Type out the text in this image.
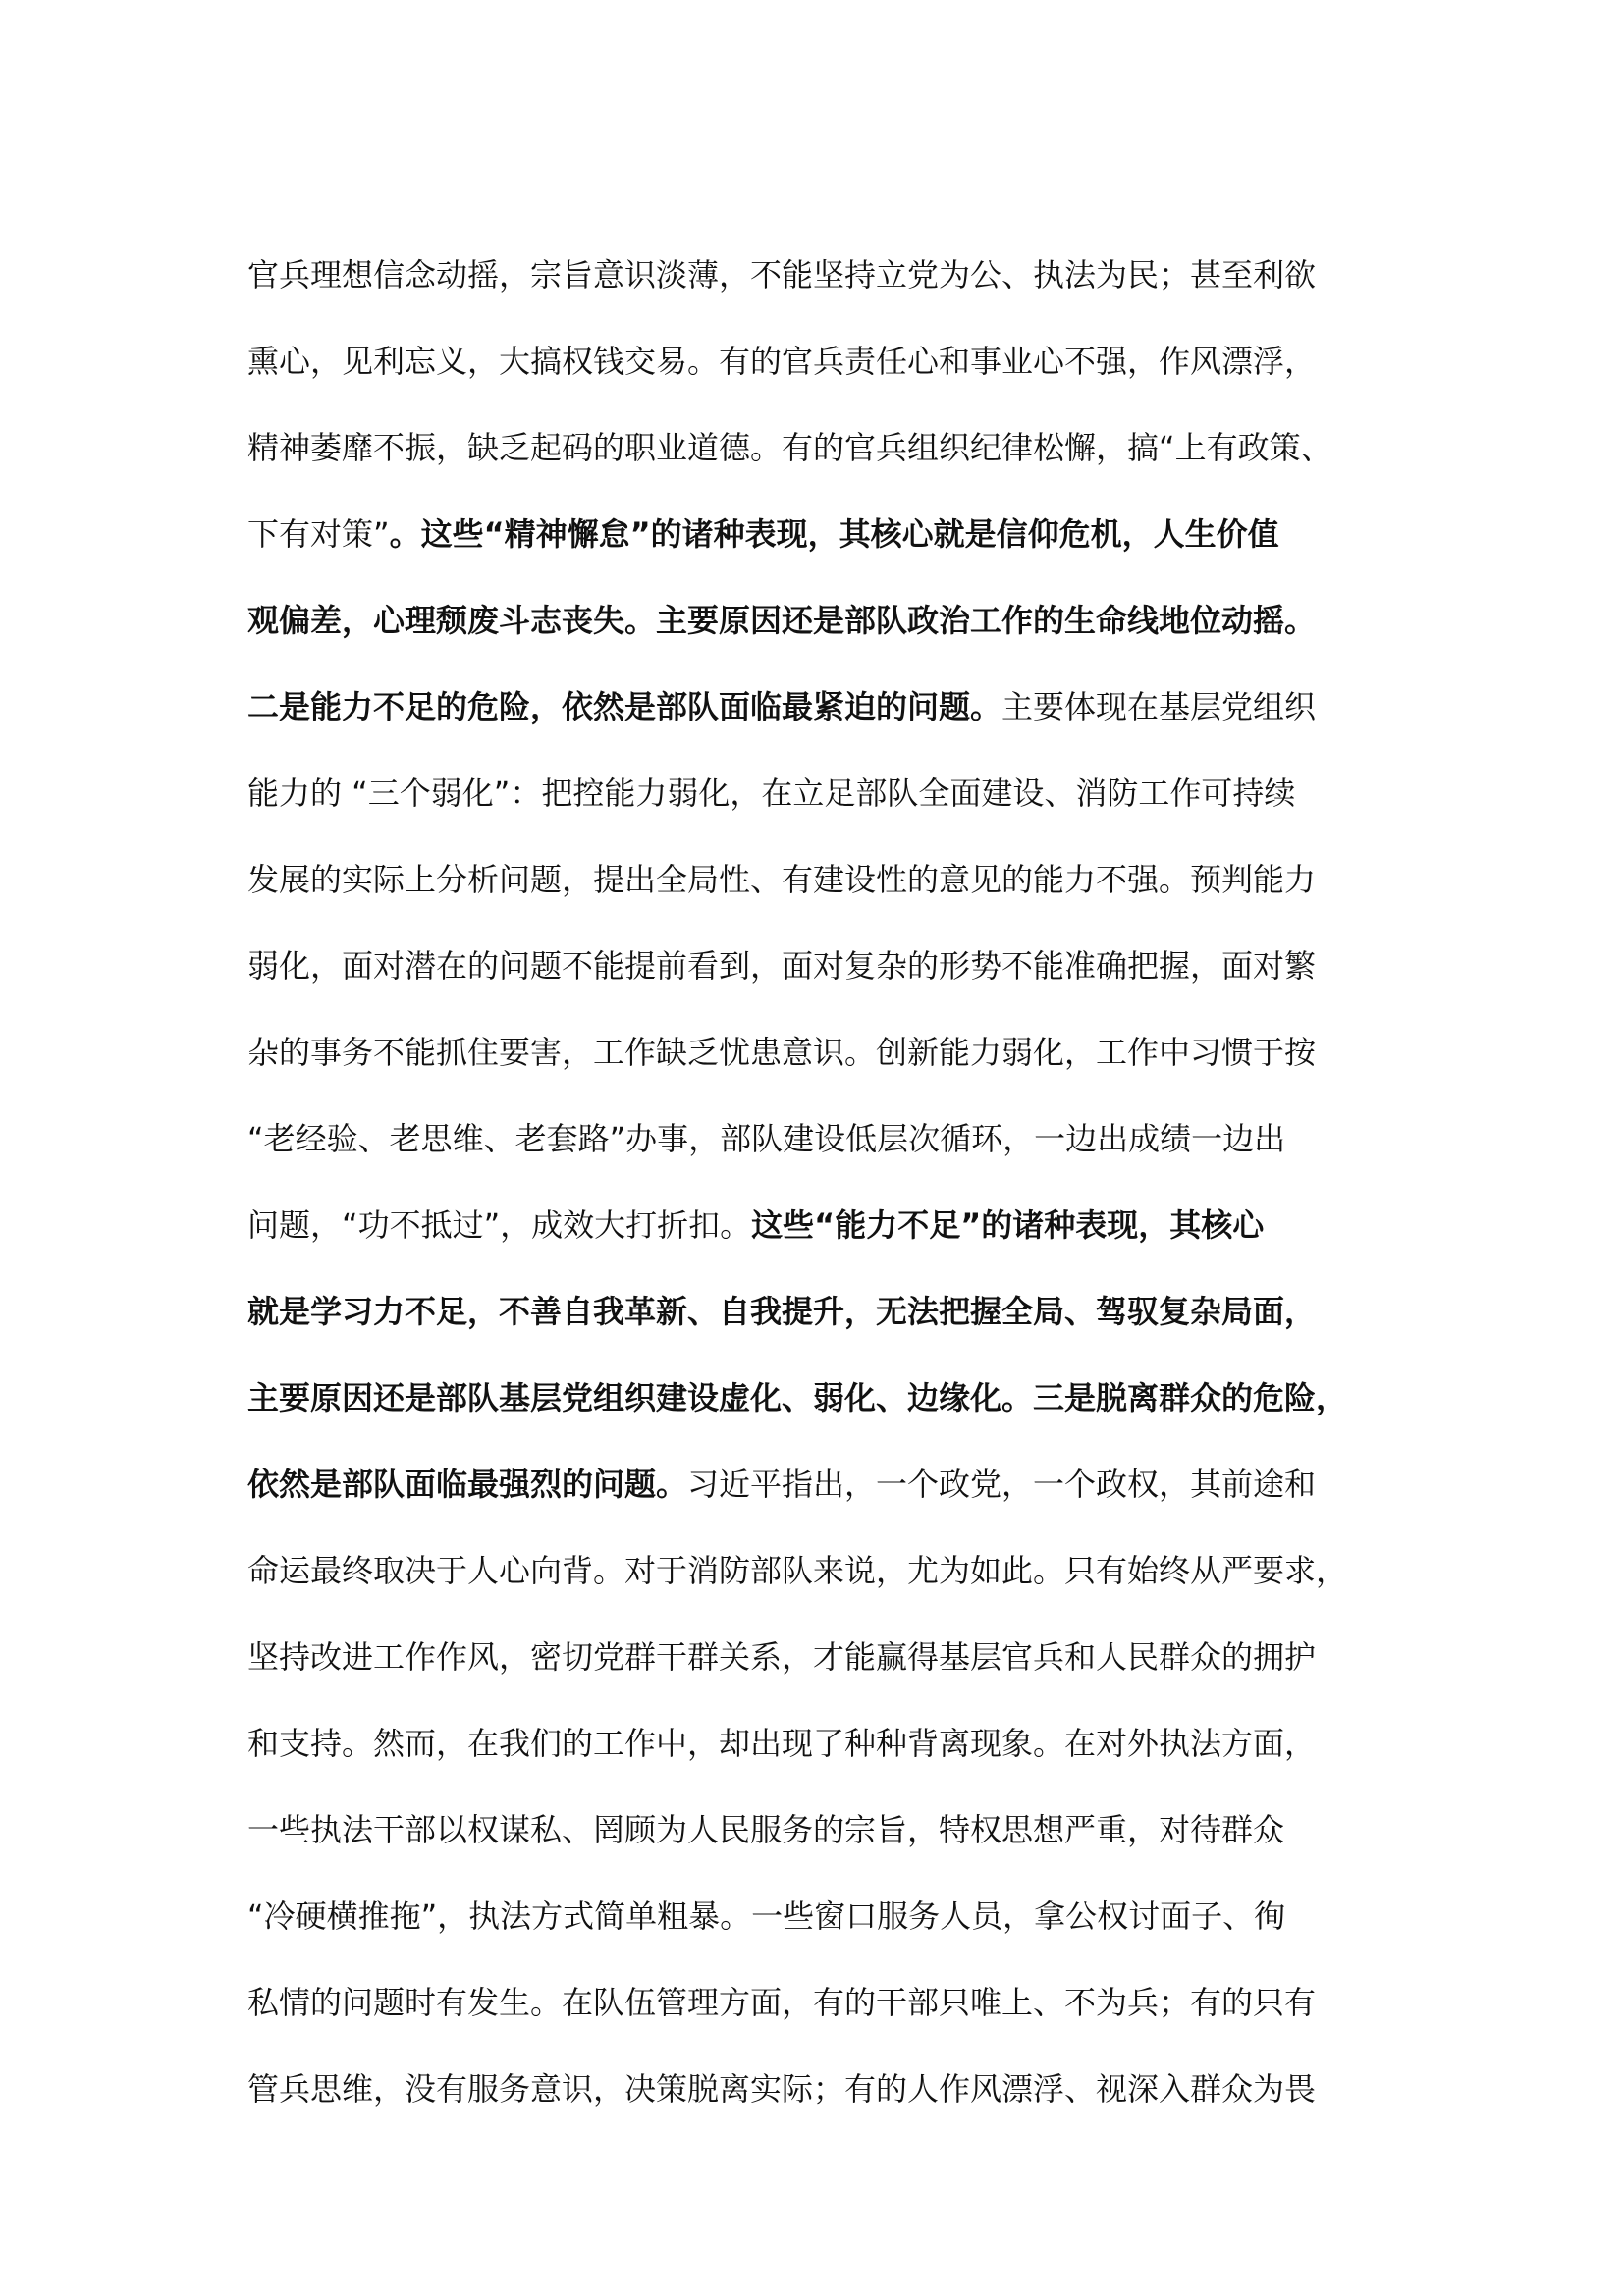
官兵理想信念动摇，宗旨意识淡薄，不能坚持立党为公、执法为民；甚至利欲
熏心，见利忘义，大搞权钱交易。有的官兵责任心和事业心不强，作风漂浮，
精神萎靡不振，缺乏起码的职业道德。有的官兵组织纪律松懈，搞“上有政策、
下有对策”。这些“精神懈怠”的诸种表现，其核心就是信仰危机，人生价值
观偏差，心理颓废斗志丧失。主要原因还是部队政治工作的生命线地位动摇。
二是能力不足的危险，依然是部队面临最紧迫的问题。主要体现在基层党组织
能力的 “三个弱化”：把控能力弱化，在立足部队全面建设、消防工作可持续
发展的实际上分析问题，提出全局性、有建设性的意见的能力不强。预判能力
弱化，面对潜在的问题不能提前看到，面对复杂的形势不能准确把握，面对繁
杂的事务不能抓住要害，工作缺乏忧患意识。创新能力弱化，工作中习惯于按
“老经验、老思维、老套路”办事，部队建设低层次循环，一边出成绩一边出
问题，“功不抵过”，成效大打折扣。这些“能力不足”的诸种表现，其核心
就是学习力不足，不善自我革新、自我提升，无法把握全局、驾驭复杂局面，
主要原因还是部队基层党组织建设虚化、弱化、边缘化。三是脱离群众的危险，
依然是部队面临最强烈的问题。习近平指出，一个政党，一个政权，其前途和
命运最终取决于人心向背。对于消防部队来说，尤为如此。只有始终从严要求，
坚持改进工作作风，密切党群干群关系，才能赢得基层官兵和人民群众的拥护
和支持。然而，在我们的工作中，却出现了种种背离现象。在对外执法方面，
一些执法干部以权谋私、罔顾为人民服务的宗旨，特权思想严重，对待群众
“冷硬横推拖”，执法方式简单粗暴。一些窗口服务人员，拿公权讨面子、徇
私情的问题时有发生。在队伍管理方面，有的干部只唯上、不为兵；有的只有
管兵思维，没有服务意识，决策脱离实际；有的人作风漂浮、视深入群众为畏
